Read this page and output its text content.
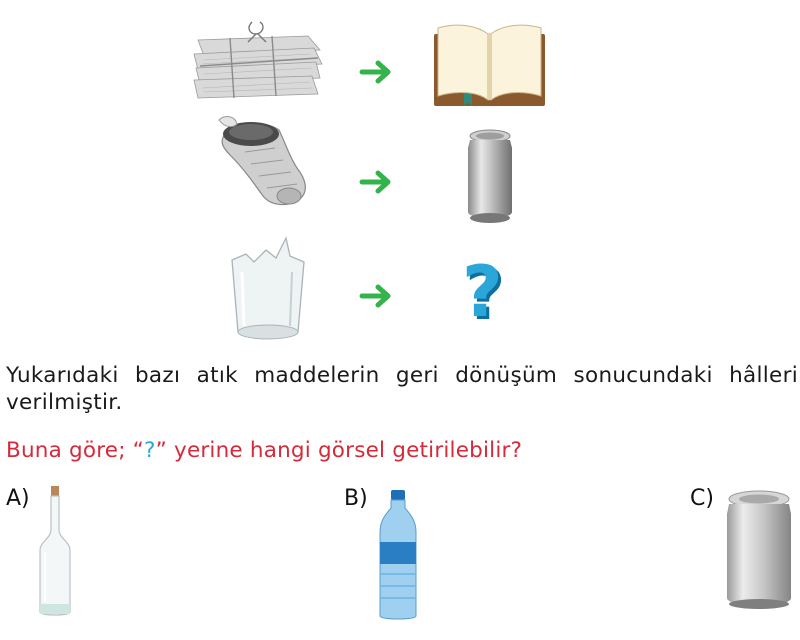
?
Yukarıdaki bazı atık maddelerin geri dönüşüm sonucundaki hâlleri verilmiştir.
Buna göre; “?” yerine hangi görsel getirilebilir?
A)	B)	C)
